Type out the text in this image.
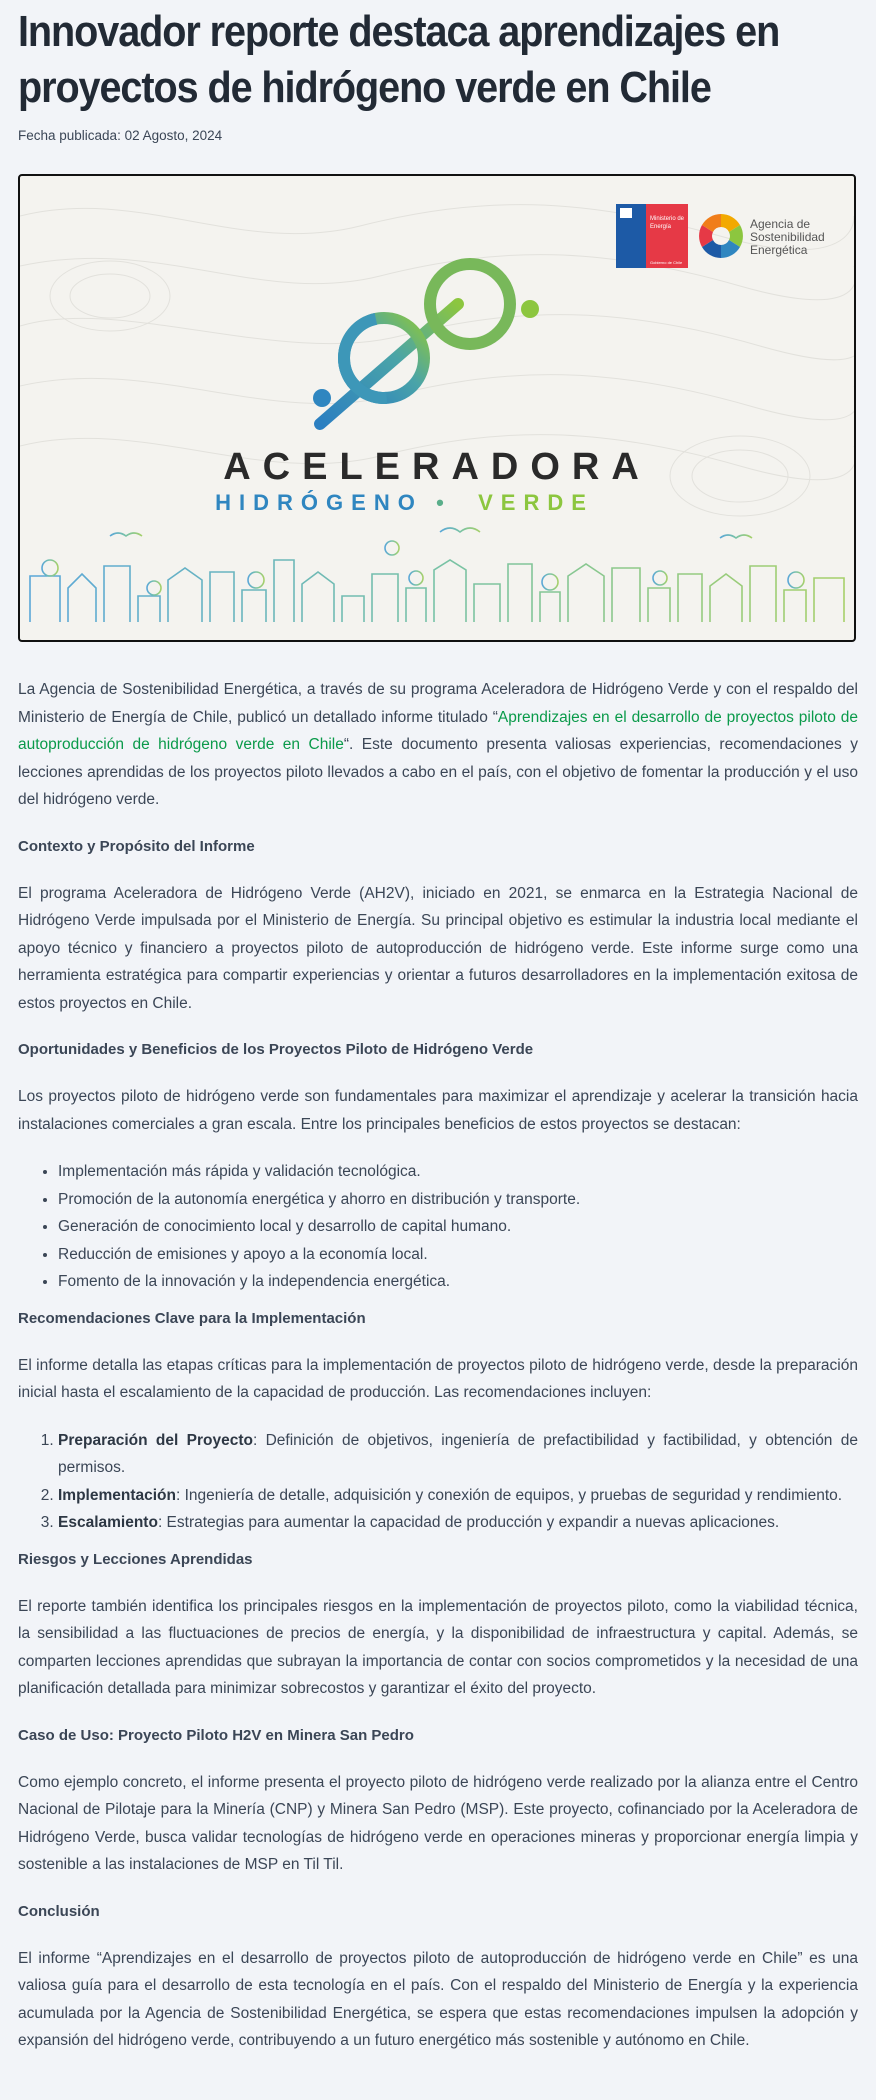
Innovador reporte destaca aprendizajes en proyectos de hidrógeno verde en Chile
Fecha publicada: 02 Agosto, 2024
Ministerio de
Energía
Gobierno de Chile
Agencia de
Sostenibilidad
Energética
ACELERADORA
HIDRÓGENO • VERDE

La Agencia de Sostenibilidad Energética, a través de su programa Aceleradora de Hidrógeno Verde y con el respaldo del Ministerio de Energía de Chile, publicó un detallado informe titulado “Aprendizajes en el desarrollo de proyectos piloto de autoproducción de hidrógeno verde en Chile“. Este documento presenta valiosas experiencias, recomendaciones y lecciones aprendidas de los proyectos piloto llevados a cabo en el país, con el objetivo de fomentar la producción y el uso del hidrógeno verde.

Contexto y Propósito del Informe

El programa Aceleradora de Hidrógeno Verde (AH2V), iniciado en 2021, se enmarca en la Estrategia Nacional de Hidrógeno Verde impulsada por el Ministerio de Energía. Su principal objetivo es estimular la industria local mediante el apoyo técnico y financiero a proyectos piloto de autoproducción de hidrógeno verde. Este informe surge como una herramienta estratégica para compartir experiencias y orientar a futuros desarrolladores en la implementación exitosa de estos proyectos en Chile.

Oportunidades y Beneficios de los Proyectos Piloto de Hidrógeno Verde

Los proyectos piloto de hidrógeno verde son fundamentales para maximizar el aprendizaje y acelerar la transición hacia instalaciones comerciales a gran escala. Entre los principales beneficios de estos proyectos se destacan:

• Implementación más rápida y validación tecnológica.
• Promoción de la autonomía energética y ahorro en distribución y transporte.
• Generación de conocimiento local y desarrollo de capital humano.
• Reducción de emisiones y apoyo a la economía local.
• Fomento de la innovación y la independencia energética.
Recomendaciones Clave para la Implementación

El informe detalla las etapas críticas para la implementación de proyectos piloto de hidrógeno verde, desde la preparación inicial hasta el escalamiento de la capacidad de producción. Las recomendaciones incluyen:

1. Preparación del Proyecto: Definición de objetivos, ingeniería de prefactibilidad y factibilidad, y obtención de permisos.
2. Implementación: Ingeniería de detalle, adquisición y conexión de equipos, y pruebas de seguridad y rendimiento.
3. Escalamiento: Estrategias para aumentar la capacidad de producción y expandir a nuevas aplicaciones.
Riesgos y Lecciones Aprendidas

El reporte también identifica los principales riesgos en la implementación de proyectos piloto, como la viabilidad técnica, la sensibilidad a las fluctuaciones de precios de energía, y la disponibilidad de infraestructura y capital. Además, se comparten lecciones aprendidas que subrayan la importancia de contar con socios comprometidos y la necesidad de una planificación detallada para minimizar sobrecostos y garantizar el éxito del proyecto.

Caso de Uso: Proyecto Piloto H2V en Minera San Pedro

Como ejemplo concreto, el informe presenta el proyecto piloto de hidrógeno verde realizado por la alianza entre el Centro Nacional de Pilotaje para la Minería (CNP) y Minera San Pedro (MSP). Este proyecto, cofinanciado por la Aceleradora de Hidrógeno Verde, busca validar tecnologías de hidrógeno verde en operaciones mineras y proporcionar energía limpia y sostenible a las instalaciones de MSP en Til Til.

Conclusión

El informe “Aprendizajes en el desarrollo de proyectos piloto de autoproducción de hidrógeno verde en Chile” es una valiosa guía para el desarrollo de esta tecnología en el país. Con el respaldo del Ministerio de Energía y la experiencia acumulada por la Agencia de Sostenibilidad Energética, se espera que estas recomendaciones impulsen la adopción y expansión del hidrógeno verde, contribuyendo a un futuro energético más sostenible y autónomo en Chile.
